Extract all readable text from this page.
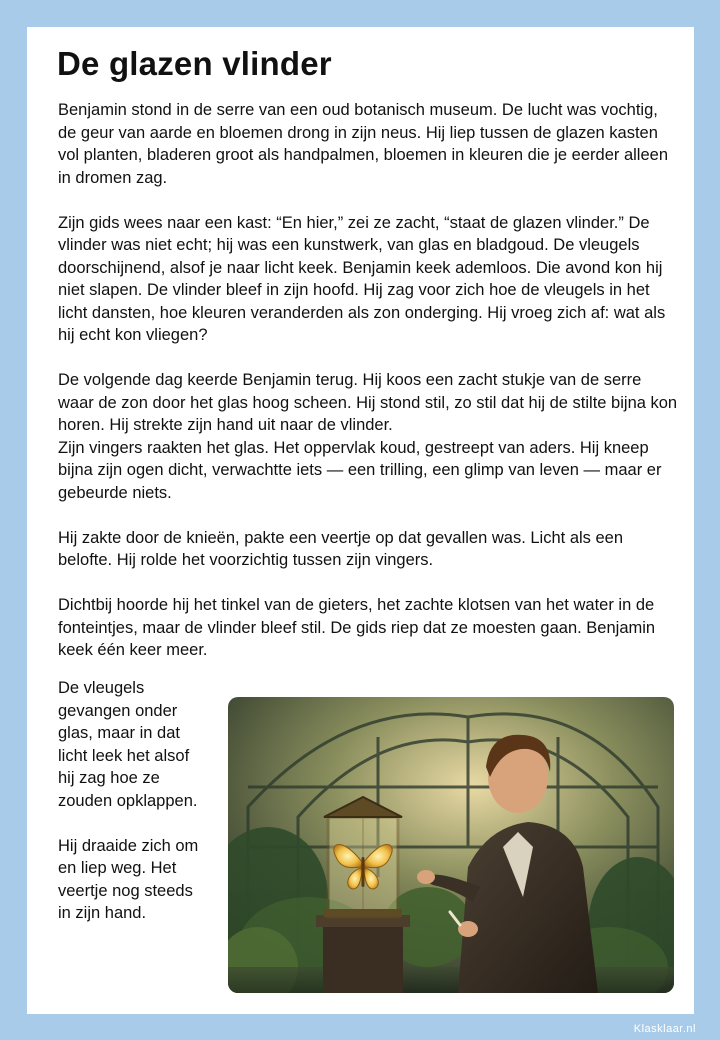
De glazen vlinder

Benjamin stond in de serre van een oud botanisch museum. De lucht was vochtig, de geur van aarde en bloemen drong in zijn neus. Hij liep tussen de glazen kasten vol planten, bladeren groot als handpalmen, bloemen in kleuren die je eerder alleen in dromen zag.

Zijn gids wees naar een kast: “En hier,” zei ze zacht, “staat de glazen vlinder.” De vlinder was niet echt; hij was een kunstwerk, van glas en bladgoud. De vleugels doorschijnend, alsof je naar licht keek. Benjamin keek ademloos. Die avond kon hij niet slapen. De vlinder bleef in zijn hoofd. Hij zag voor zich hoe de vleugels in het licht dansten, hoe kleuren veranderden als zon onderging. Hij vroeg zich af: wat als hij echt kon vliegen?

De volgende dag keerde Benjamin terug. Hij koos een zacht stukje van de serre waar de zon door het glas hoog scheen. Hij stond stil, zo stil dat hij de stilte bijna kon horen. Hij strekte zijn hand uit naar de vlinder.

Zijn vingers raakten het glas. Het oppervlak koud, gestreept van aders. Hij kneep bijna zijn ogen dicht, verwachtte iets — een trilling, een glimp van leven — maar er gebeurde niets.

Hij zakte door de knieën, pakte een veertje op dat gevallen was. Licht als een belofte. Hij rolde het voorzichtig tussen zijn vingers.

Dichtbij hoorde hij het tinkel van de gieters, het zachte klotsen van het water in de fonteintjes, maar de vlinder bleef stil. De gids riep dat ze moesten gaan. Benjamin keek één keer meer.

De vleugels gevangen onder glas, maar in dat licht leek het alsof hij zag hoe ze zouden opklappen.

Hij draaide zich om en liep weg. Het veertje nog steeds in zijn hand.

Klasklaar.nl
